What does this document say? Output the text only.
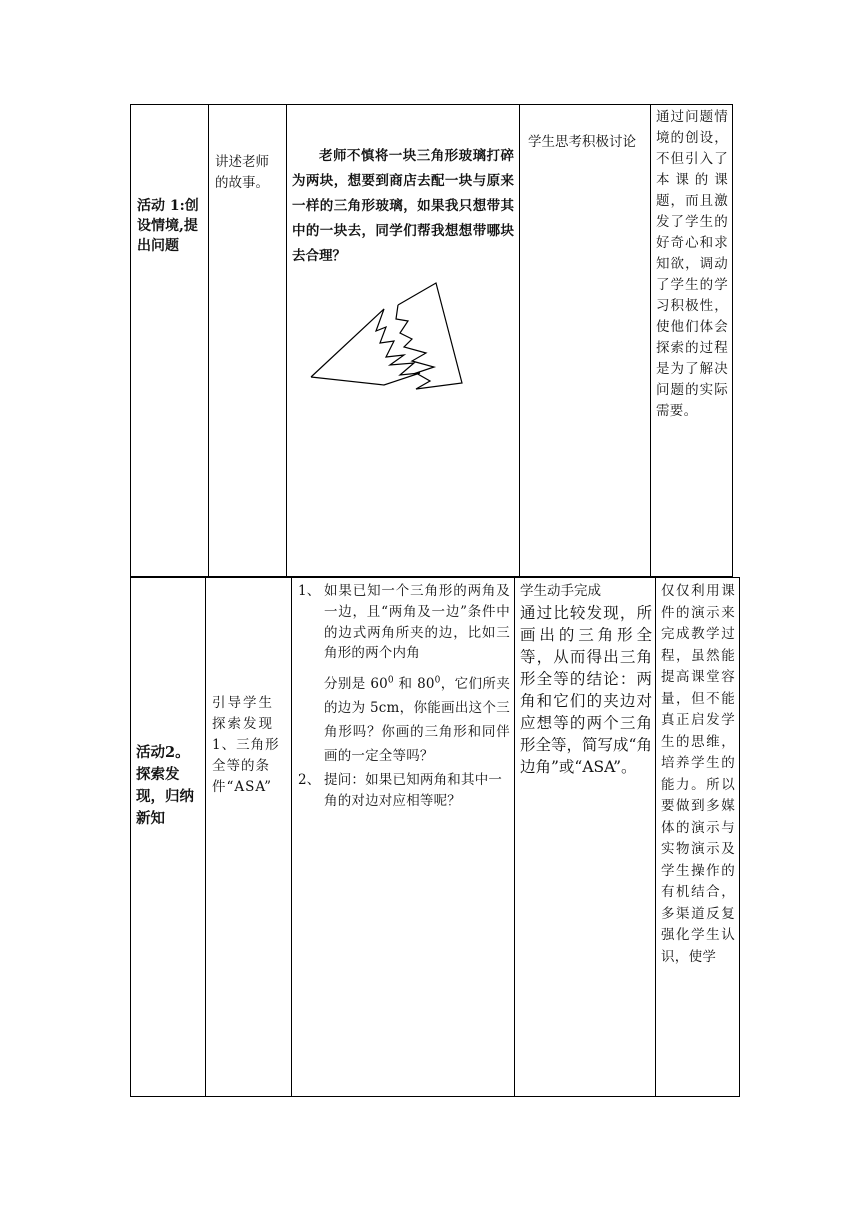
活动 1:创设情境,提出问题
讲述老师的故事。
老师不慎将一块三角形玻璃打碎为两块，想要到商店去配一块与原来一样的三角形玻璃，如果我只想带其中的一块去，同学们帮我想想带哪块去合理？
学生思考积极讨论
通过问题情境的创设，不但引入了本课的课题，而且激发了学生的好奇心和求知欲，调动了学生的学习积极性，使他们体会探索的过程是为了解决问题的实际需要。
活动2。探索发现，归纳新知
引导学生探索发现
1、三角形全等的条件“ASA”
1、 如果已知一个三角形的两角及一边，且“两角及一边”条件中的边式两角所夹的边，比如三角形的两个内角
分别是 $60^0$ 和 $80^0$，它们所夹的边为 5cm，你能画出这个三角形吗？你画的三角形和同伴画的一定全等吗？
2、 提问：如果已知两角和其中一角的对边对应相等呢？
学生动手完成
通过比较发现，所画出的三角形全等，从而得出三角形全等的结论：两角和它们的夹边对应想等的两个三角形全等，简写成“角边角”或“ASA”。
仅仅利用课件的演示来完成教学过程，虽然能提高课堂容量，但不能真正启发学生的思维，培养学生的能力。所以要做到多媒体的演示与实物演示及学生操作的有机结合，多渠道反复强化学生认识，使学
